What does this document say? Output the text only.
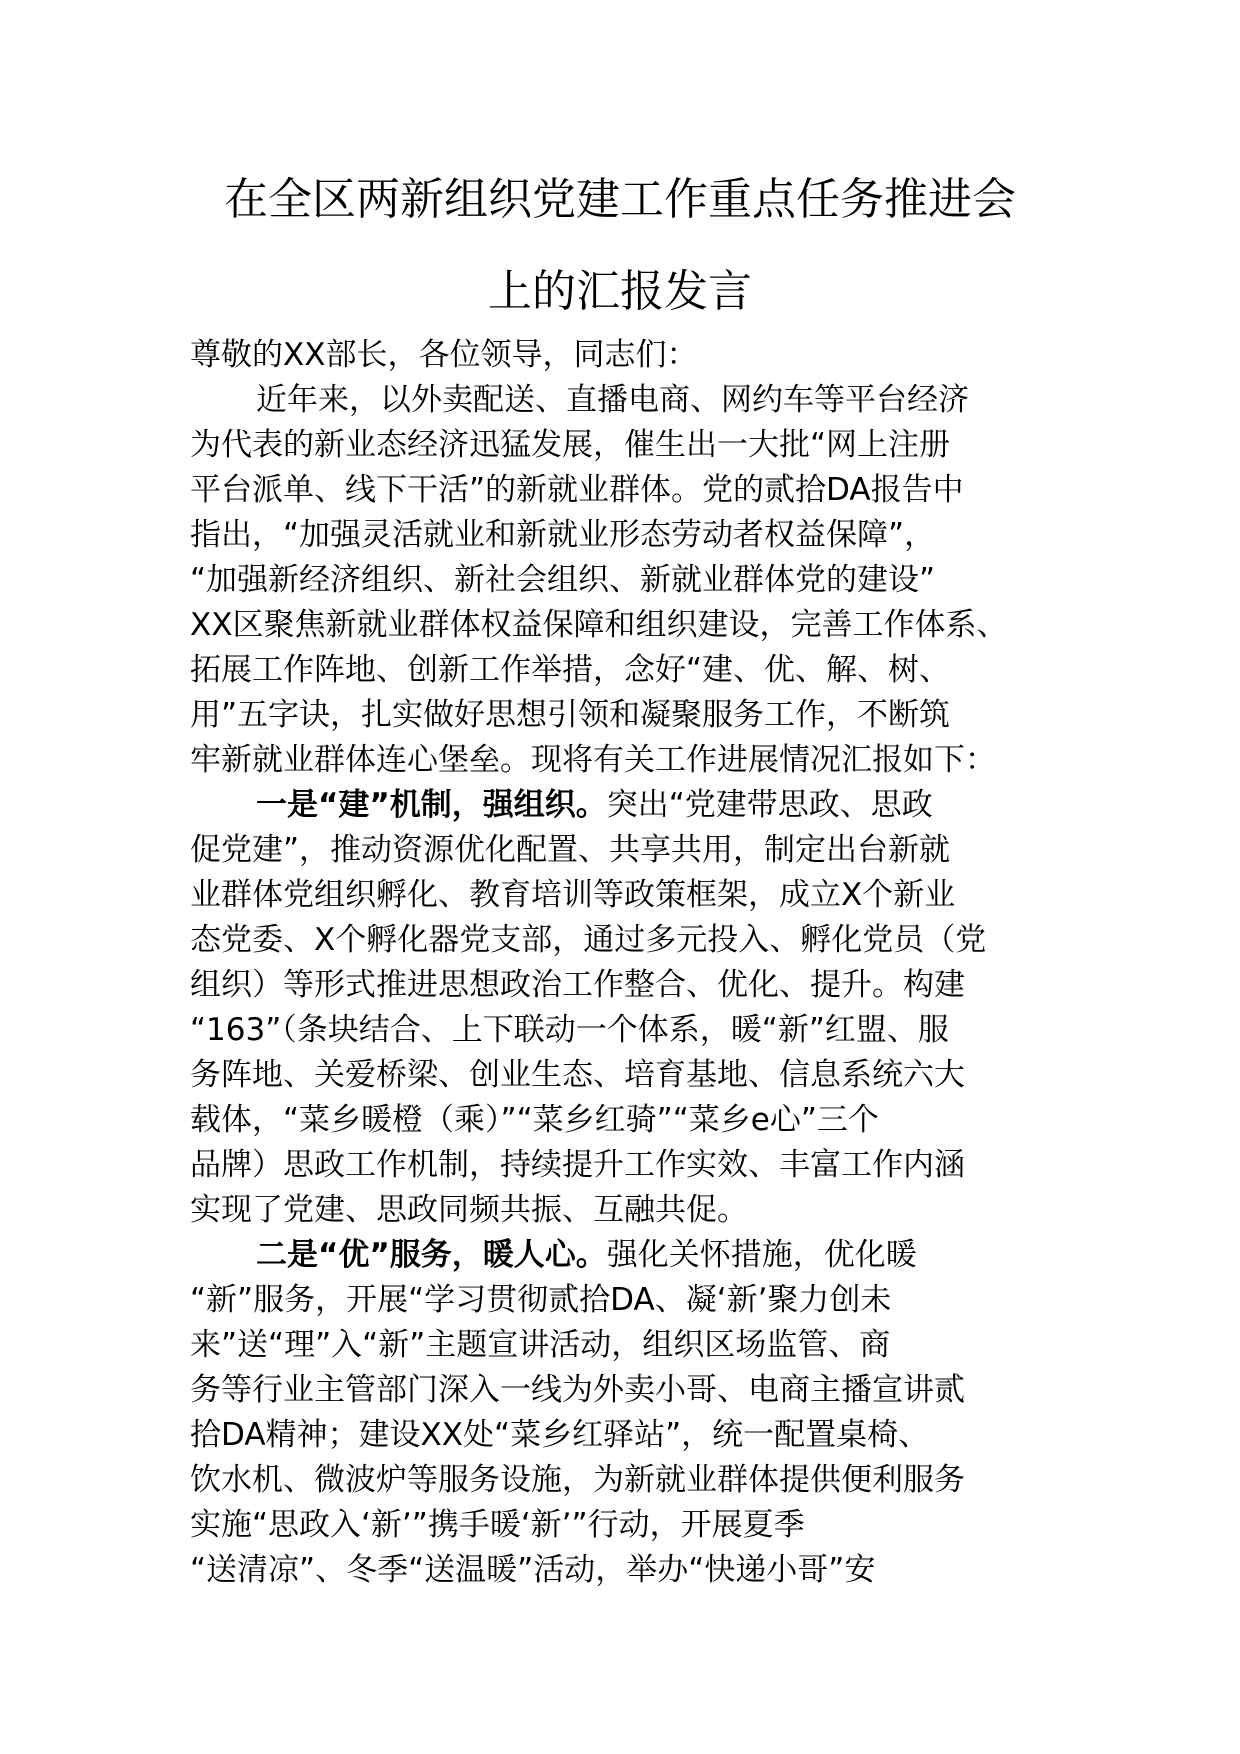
在全区两新组织党建工作重点任务推进会
上的汇报发言
尊敬的XX部长，各位领导，同志们：
近年来，以外卖配送、直播电商、网约车等平台经济
为代表的新业态经济迅猛发展，催生出一大批“网上注册
平台派单、线下干活”的新就业群体。党的贰拾DA报告中
指出，“加强灵活就业和新就业形态劳动者权益保障”，
“加强新经济组织、新社会组织、新就业群体党的建设”
XX区聚焦新就业群体权益保障和组织建设，完善工作体系、
拓展工作阵地、创新工作举措，念好“建、优、解、树、
用”五字诀，扎实做好思想引领和凝聚服务工作，不断筑
牢新就业群体连心堡垒。现将有关工作进展情况汇报如下：
一是“建”机制，强组织。突出“党建带思政、思政
促党建”，推动资源优化配置、共享共用，制定出台新就
业群体党组织孵化、教育培训等政策框架，成立X个新业
态党委、X个孵化器党支部，通过多元投入、孵化党员（党
组织）等形式推进思想政治工作整合、优化、提升。构建
“163”（条块结合、上下联动一个体系，暖“新”红盟、服
务阵地、关爱桥梁、创业生态、培育基地、信息系统六大
载体，“菜乡暖橙（乘）”“菜乡红骑”“菜乡e心”三个
品牌）思政工作机制，持续提升工作实效、丰富工作内涵
实现了党建、思政同频共振、互融共促。
二是“优”服务，暖人心。强化关怀措施，优化暖
“新”服务，开展“学习贯彻贰拾DA、凝‘新’聚力创未
来”送“理”入“新”主题宣讲活动，组织区场监管、商
务等行业主管部门深入一线为外卖小哥、电商主播宣讲贰
拾DA精神；建设XX处“菜乡红驿站”，统一配置桌椅、
饮水机、微波炉等服务设施，为新就业群体提供便利服务
实施“思政入‘新’”携手暖‘新’”行动，开展夏季
“送清凉”、冬季“送温暖”活动，举办“快递小哥”安
